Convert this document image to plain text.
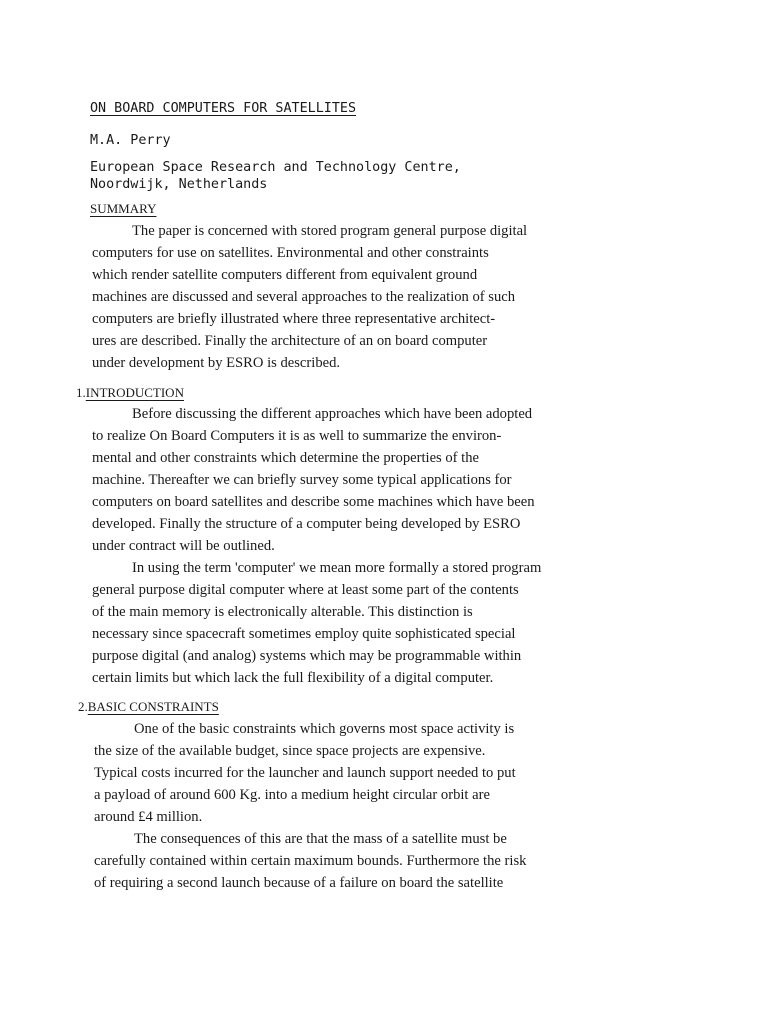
ON BOARD COMPUTERS FOR SATELLITES
M.A. Perry
European Space Research and Technology Centre,
Noordwijk, Netherlands
SUMMARY
The paper is concerned with stored program general purpose digital
computers for use on satellites. Environmental and other constraints
which render satellite computers different from equivalent ground
machines are discussed and several approaches to the realization of such
computers are briefly illustrated where three representative architect-
ures are described. Finally the architecture of an on board computer
under development by ESRO is described.
1.INTRODUCTION
Before discussing the different approaches which have been adopted
to realize On Board Computers it is as well to summarize the environ-
mental and other constraints which determine the properties of the
machine. Thereafter we can briefly survey some typical applications for
computers on board satellites and describe some machines which have been
developed. Finally the structure of a computer being developed by ESRO
under contract will be outlined.
In using the term 'computer' we mean more formally a stored program
general purpose digital computer where at least some part of the contents
of the main memory is electronically alterable. This distinction is
necessary since spacecraft sometimes employ quite sophisticated special
purpose digital (and analog) systems which may be programmable within
certain limits but which lack the full flexibility of a digital computer.
2.BASIC CONSTRAINTS
One of the basic constraints which governs most space activity is
the size of the available budget, since space projects are expensive.
Typical costs incurred for the launcher and launch support needed to put
a payload of around 600 Kg. into a medium height circular orbit are
around £4 million.
The consequences of this are that the mass of a satellite must be
carefully contained within certain maximum bounds. Furthermore the risk
of requiring a second launch because of a failure on board the satellite
